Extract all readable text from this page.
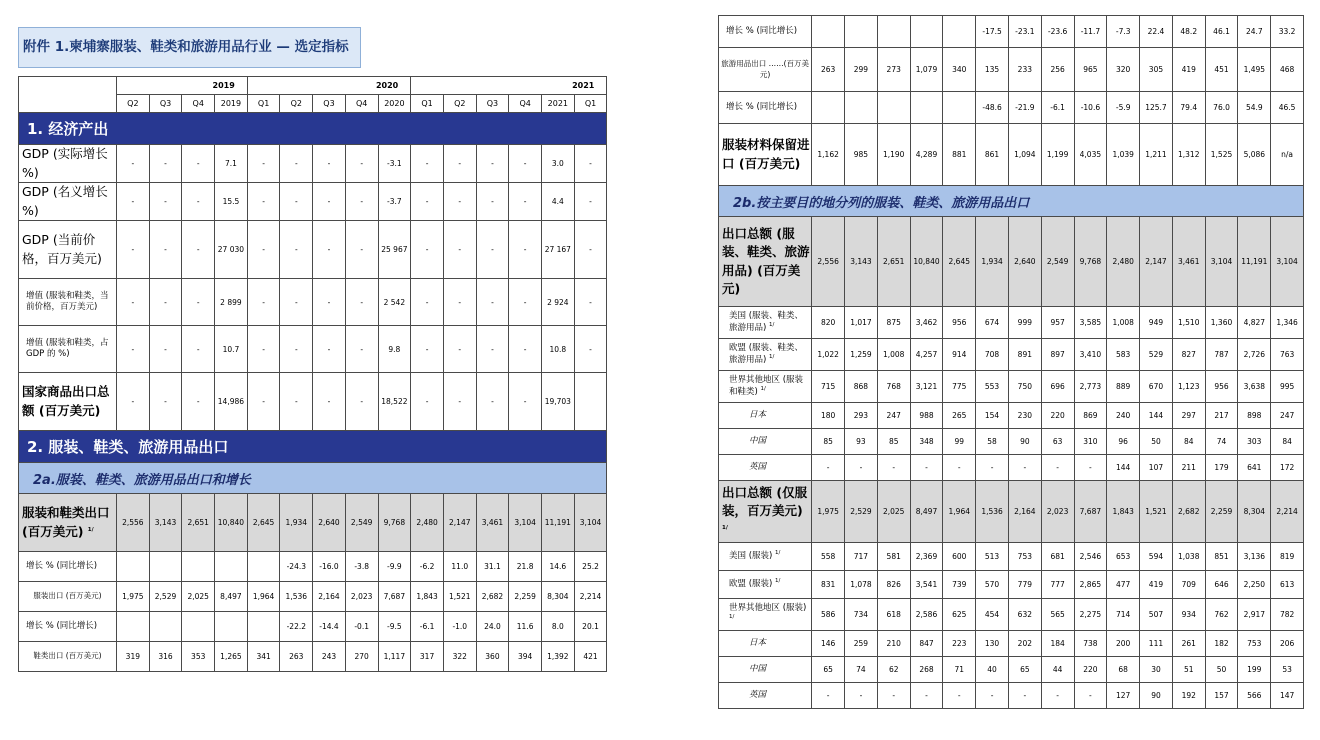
附件 1.柬埔寨服装、鞋类和旅游用品行业 — 选定指标
	2019				2020					2021					
	Q2	Q3	Q4	2019	Q1	Q2	Q3	Q4	2020	Q1	Q2	Q3	Q4	2021	Q1
1. 经济产出															
GDP (实际增长 %)	-	-	-	7.1	-	-	-	-	-3.1	-	-	-	-	3.0	-
GDP (名义增长 %)	-	-	-	15.5	-	-	-	-	-3.7	-	-	-	-	4.4	-
GDP (当前价格，百万美元)	-	-	-	27 030	-	-	-	-	25 967	-	-	-	-	27 167	-
增值 (服装和鞋类，当前价格，百万美元)	-	-	-	2 899	-	-	-	-	2 542	-	-	-	-	2 924	-
增值 (服装和鞋类，占 GDP 的 %)	-	-	-	10.7	-	-	-	-	9.8	-	-	-	-	10.8	-
国家商品出口总额 (百万美元)	-	-	-	14,986	-	-	-	-	18,522	-	-	-	-	19,703	
2. 服装、鞋类、旅游用品出口															
2a.服装、鞋类、旅游用品出口和增长															
服装和鞋类出口 (百万美元) $^{1/}$	2,556	3,143	2,651	10,840	2,645	1,934	2,640	2,549	9,768	2,480	2,147	3,461	3,104	11,191	3,104
增长 % (同比增长)						-24.3	-16.0	-3.8	-9.9	-6.2	11.0	31.1	21.8	14.6	25.2
服装出口 (百万美元)	1,975	2,529	2,025	8,497	1,964	1,536	2,164	2,023	7,687	1,843	1,521	2,682	2,259	8,304	2,214
增长 % (同比增长)						-22.2	-14.4	-0.1	-9.5	-6.1	-1.0	24.0	11.6	8.0	20.1
鞋类出口 (百万美元)	319	316	353	1,265	341	263	243	270	1,117	317	322	360	394	1,392	421
增长 % (同比增长)						-17.5	-23.1	-23.6	-11.7	-7.3	22.4	48.2	46.1	24.7	33.2
旅游用品出口 ……(百万美元)	263	299	273	1,079	340	135	233	256	965	320	305	419	451	1,495	468
增长 % (同比增长)						-48.6	-21.9	-6.1	-10.6	-5.9	125.7	79.4	76.0	54.9	46.5
服装材料保留进口 (百万美元)	1,162	985	1,190	4,289	881	861	1,094	1,199	4,035	1,039	1,211	1,312	1,525	5,086	n/a
2b.按主要目的地分列的服装、鞋类、旅游用品出口															
出口总额 (服装、鞋类、旅游用品) (百万美元)	2,556	3,143	2,651	10,840	2,645	1,934	2,640	2,549	9,768	2,480	2,147	3,461	3,104	11,191	3,104
美国 (服装、鞋类、旅游用品) $^{1/}$	820	1,017	875	3,462	956	674	999	957	3,585	1,008	949	1,510	1,360	4,827	1,346
欧盟 (服装、鞋类、旅游用品) $^{1/}$	1,022	1,259	1,008	4,257	914	708	891	897	3,410	583	529	827	787	2,726	763
世界其他地区 (服装和鞋类) $^{1/}$	715	868	768	3,121	775	553	750	696	2,773	889	670	1,123	956	3,638	995
日本	180	293	247	988	265	154	230	220	869	240	144	297	217	898	247
中国	85	93	85	348	99	58	90	63	310	96	50	84	74	303	84
英国	-	-	-	-	-	-	-	-	-	144	107	211	179	641	172
出口总额 (仅服装，百万美元) $^{1/}$	1,975	2,529	2,025	8,497	1,964	1,536	2,164	2,023	7,687	1,843	1,521	2,682	2,259	8,304	2,214
美国 (服装) $^{1/}$	558	717	581	2,369	600	513	753	681	2,546	653	594	1,038	851	3,136	819
欧盟 (服装) $^{1/}$	831	1,078	826	3,541	739	570	779	777	2,865	477	419	709	646	2,250	613
世界其他地区 (服装) $^{1/}$	586	734	618	2,586	625	454	632	565	2,275	714	507	934	762	2,917	782
日本	146	259	210	847	223	130	202	184	738	200	111	261	182	753	206
中国	65	74	62	268	71	40	65	44	220	68	30	51	50	199	53
英国	-	-	-	-	-	-	-	-	-	127	90	192	157	566	147
